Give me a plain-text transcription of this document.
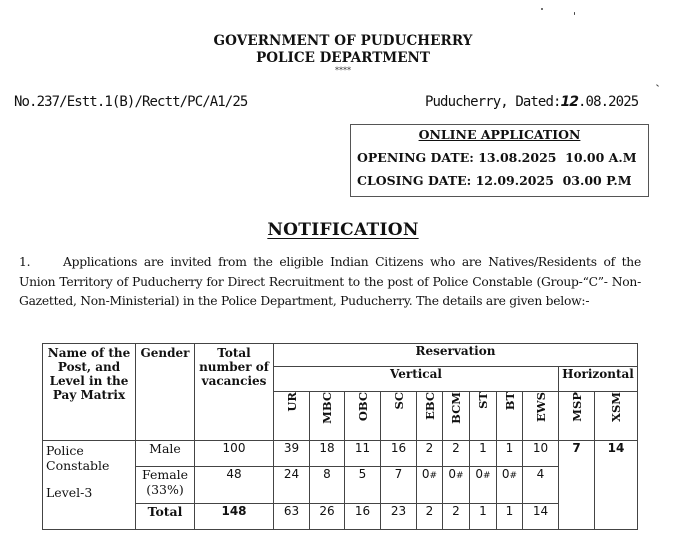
GOVERNMENT OF PUDUCHERRY
POLICE DEPARTMENT
****
No.237/Estt.1(B)/Rectt/PC/A1/25	Puducherry, Dated:12.08.2025
ONLINE APPLICATION
OPENING DATE: 13.08.2025  10.00 A.M
CLOSING DATE: 12.09.2025  03.00 P.M
NOTIFICATION
1.	Applications are invited from the eligible Indian Citizens who are Natives/Residents of the Union Territory of Puducherry for Direct Recruitment to the post of Police Constable (Group-“C”- Non-Gazetted, Non-Ministerial) in the Police Department, Puducherry. The details are given below:-
Name of the Post, and Level in the Pay Matrix	Gender	Total number of vacancies	Reservation										
			Vertical									Horizontal	
			UR	MBC	OBC	SC	EBC	BCM	ST	BT	EWS	MSP	XSM

Police Constable
Level-3	Male	100	39	18	11	16	2	2	1	1	10	7	14
	Female (33%)	48	24	8	5	7	0#	0#	0#	0#	4		
	Total	148	63	26	16	23	2	2	1	1	14		
